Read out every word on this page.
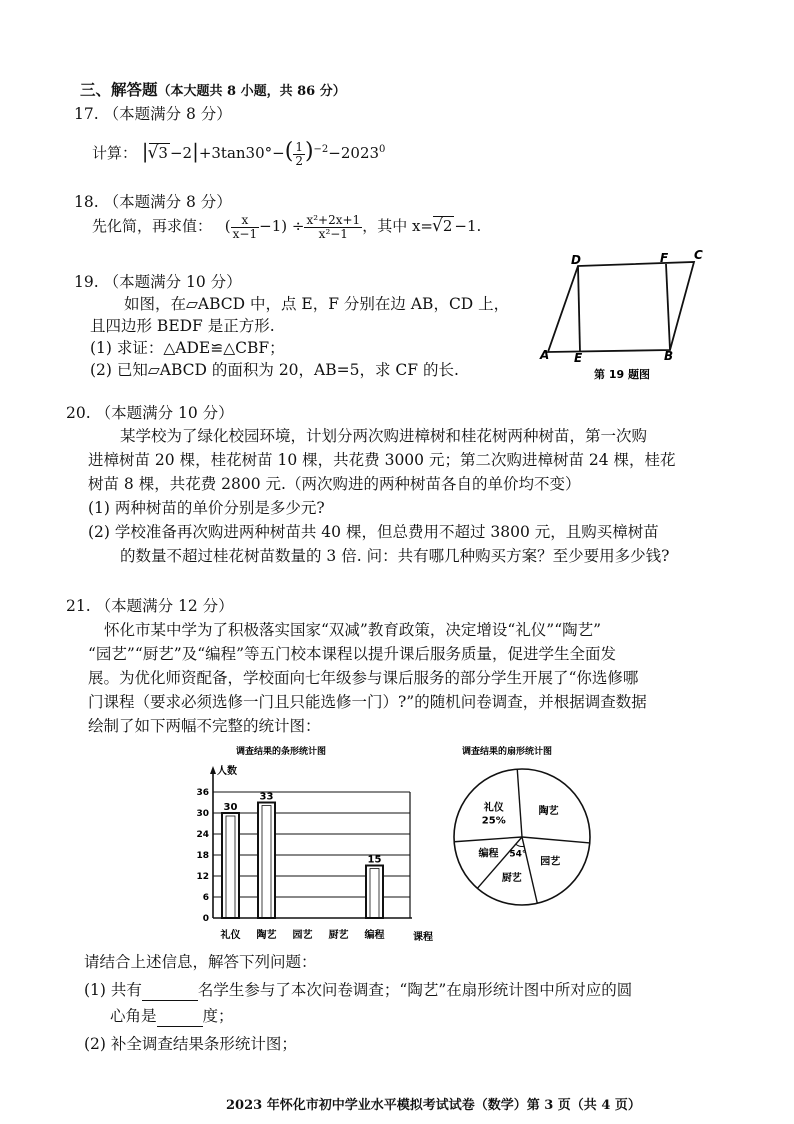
三、解答题（本大题共 8 小题，共 86 分）
17. （本题满分 8 分）
计算： $|√3 -2|+3\tan 30^\circ-( \frac{1}{2} )^{-2}-2023^0$
18. （本题满分 8 分）
先化简，再求值： ( $\frac{x}{x-1} -1) \div \frac{\text{x²+2x+1}}{\text{x²−1}}$ ，其中 x=√2 −1.
19. （本题满分 10 分）
如图，在▱ABCD 中，点 E，F 分别在边 AB，CD 上，
且四边形 BEDF 是正方形.
(1) 求证：△ADE≌△CBF；
(2) 已知▱ABCD 的面积为 20，AB=5，求 CF 的长.
D	F C
A E	B
第 19 题图
20. （本题满分 10 分）
某学校为了绿化校园环境，计划分两次购进樟树和桂花树两种树苗，第一次购
进樟树苗 20 棵，桂花树苗 10 棵，共花费 3000 元；第二次购进樟树苗 24 棵，桂花
树苗 8 棵，共花费 2800 元.（两次购进的两种树苗各自的单价均不变）
(1) 两种树苗的单价分别是多少元?
(2) 学校准备再次购进两种树苗共 40 棵，但总费用不超过 3800 元，且购买樟树苗
的数量不超过桂花树苗数量的 3 倍. 问：共有哪几种购买方案？至少要用多少钱?
21. （本题满分 12 分）
怀化市某中学为了积极落实国家“双减”教育政策，决定增设“礼仪”“陶艺”
“园艺”“厨艺”及“编程”等五门校本课程以提升课后服务质量，促进学生全面发
展。为优化师资配备，学校面向七年级参与课后服务的部分学生开展了“你选修哪
门课程（要求必须选修一门且只能选修一门）?”的随机问卷调查，并根据调查数据
绘制了如下两幅不完整的统计图：
调查结果的条形统计图
人数
课程
0
6
12
18
24
30
36
30
33
15
礼仪 陶艺 园艺 厨艺 编程
调查结果的扇形统计图
礼仪
25%
陶艺
园艺
厨艺
54°
编程
请结合上述信息，解答下列问题：
(1) 共有	名学生参与了本次问卷调查；“陶艺”在扇形统计图中所对应的圆
心角是	度；
(2) 补全调查结果条形统计图；
2023 年怀化市初中学业水平模拟考试试卷（数学）第 3 页（共 4 页）
